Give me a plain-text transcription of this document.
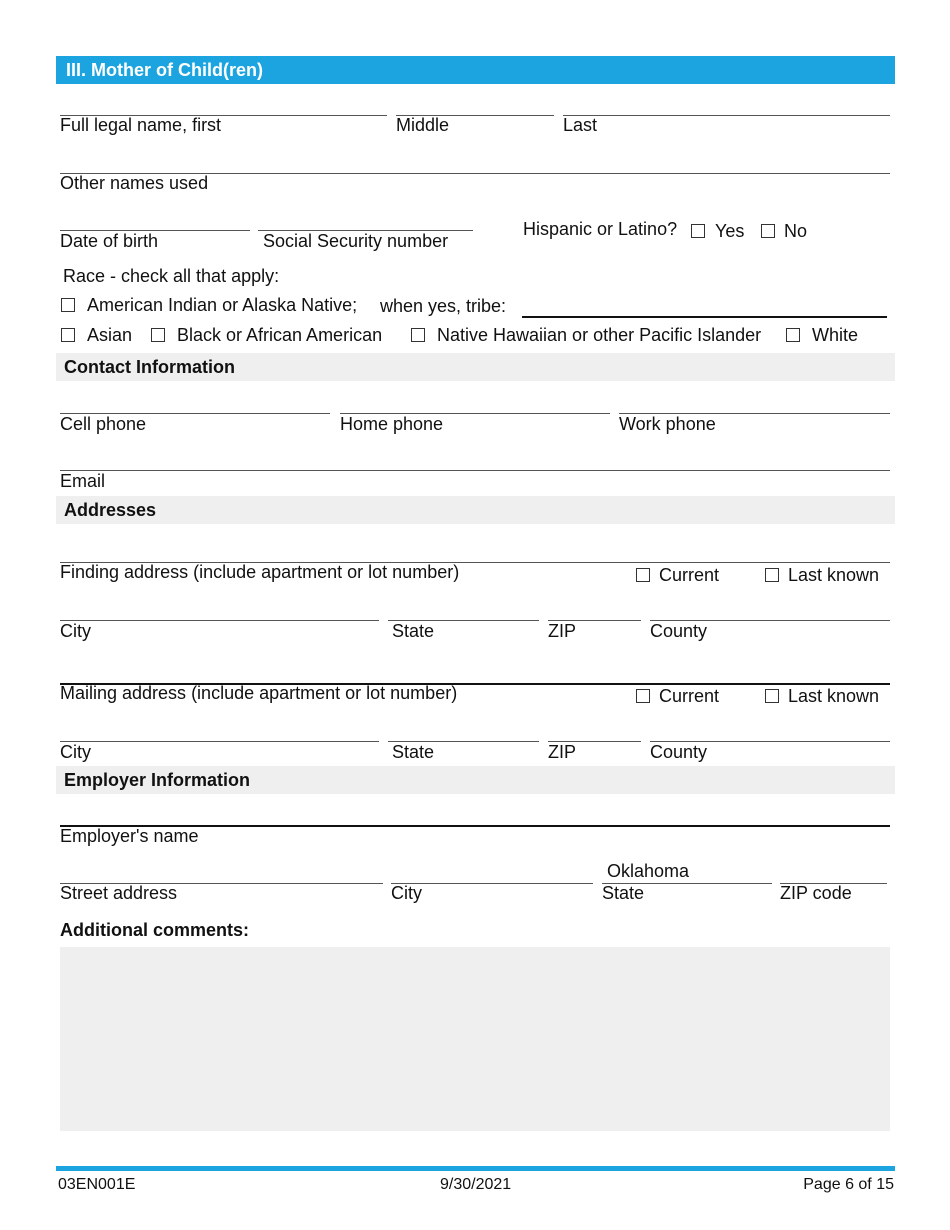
III. Mother of Child(ren)
Full legal name, first	Middle	Last
Other names used
Date of birth	Social Security number
Hispanic or Latino? Yes No
Race - check all that apply:
American Indian or Alaska Native; when yes, tribe:
Asian Black or African American	Native Hawaiian or other Pacific Islander	White
Contact Information
Cell phone	Home phone	Work phone
Email
Addresses
Finding address (include apartment or lot number)	Current	Last known
City	State	ZIP	County
Mailing address (include apartment or lot number)	Current	Last known
City	State	ZIP	County
Employer Information
Employer's name
Oklahoma
Street address	City	State	ZIP code
Additional comments:
03EN001E	9/30/2021	Page 6 of 15
